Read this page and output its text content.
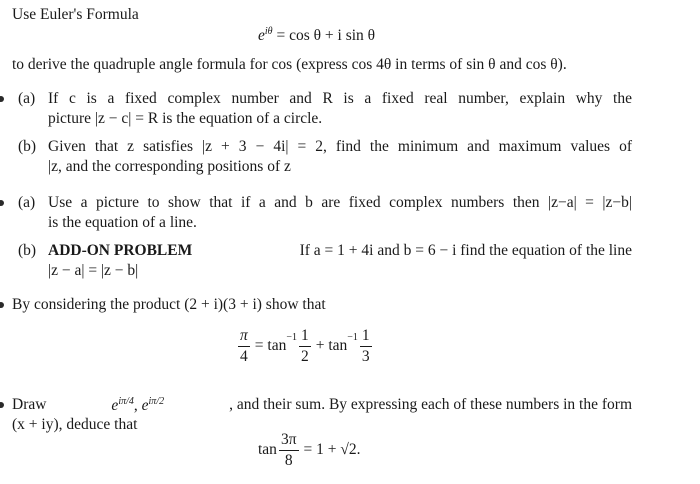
Use Euler's Formula
$e^{i\theta} = \cos \theta + i$ sin θ
to derive the quadruple angle formula for cos (express cos 4θ in terms of sin θ and cos θ).
(a) If c is a fixed complex number and R is a fixed real number, explain why the
picture |z − c| = R is the equation of a circle.
(b) Given that z satisfies |z + 3 − 4i| = 2, find the minimum and maximum values of
|z, and the corresponding positions of z
(a) Use a picture to show that if a and b are fixed complex numbers then |z−a| = |z−b|
is the equation of a line.
(b) ADD-ON PROBLEM	If a = 1 + 4i and b = 6 − i find the equation of the line
|z − a| = |z − b|
By considering the product (2 + i)(3 + i) show that
$\frac{\pi}{4} = \tan^{-1} \frac{1}{2} + \tan^{-1} \frac{1}{3}$
Draw	$e^{i\pi/4}$, $e^{i\pi/2}$	, and their sum. By expressing each of these numbers in the form
(x + iy), deduce that
$\tan \frac{3\pi}{8} = 1 + √2$.
